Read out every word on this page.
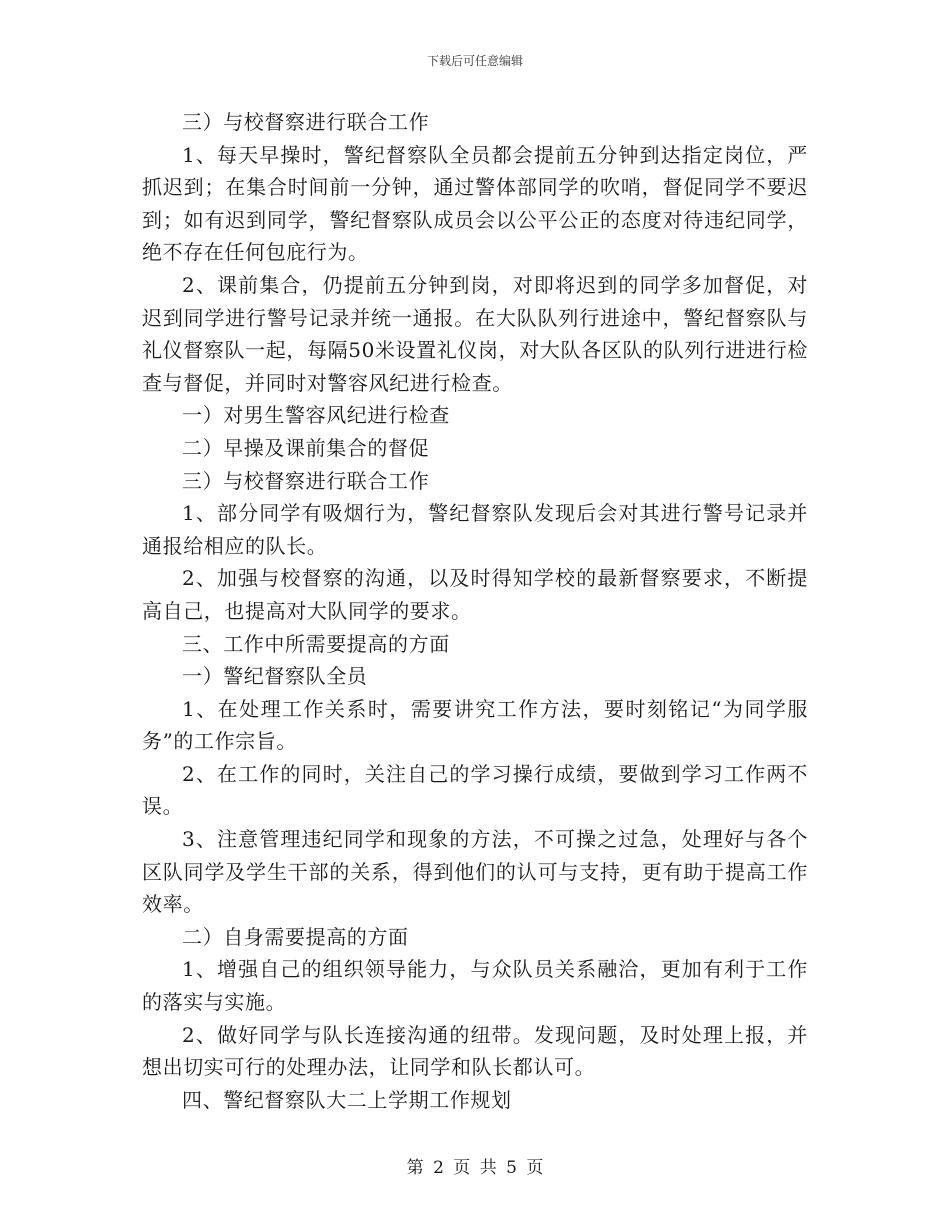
下载后可任意编辑

三）与校督察进行联合工作

1、每天早操时，警纪督察队全员都会提前五分钟到达指定岗位，严抓迟到；在集合时间前一分钟，通过警体部同学的吹哨，督促同学不要迟到；如有迟到同学，警纪督察队成员会以公平公正的态度对待违纪同学，绝不存在任何包庇行为。

2、课前集合，仍提前五分钟到岗，对即将迟到的同学多加督促，对迟到同学进行警号记录并统一通报。在大队队列行进途中，警纪督察队与礼仪督察队一起，每隔50米设置礼仪岗，对大队各区队的队列行进进行检查与督促，并同时对警容风纪进行检查。

一）对男生警容风纪进行检查

二）早操及课前集合的督促

三）与校督察进行联合工作

1、部分同学有吸烟行为，警纪督察队发现后会对其进行警号记录并通报给相应的队长。

2、加强与校督察的沟通，以及时得知学校的最新督察要求，不断提高自己，也提高对大队同学的要求。

三、工作中所需要提高的方面

一）警纪督察队全员

1、在处理工作关系时，需要讲究工作方法，要时刻铭记“为同学服务”的工作宗旨。

2、在工作的同时，关注自己的学习操行成绩，要做到学习工作两不误。

3、注意管理违纪同学和现象的方法，不可操之过急，处理好与各个区队同学及学生干部的关系，得到他们的认可与支持，更有助于提高工作效率。

二）自身需要提高的方面

1、增强自己的组织领导能力，与众队员关系融洽，更加有利于工作的落实与实施。

2、做好同学与队长连接沟通的纽带。发现问题，及时处理上报，并想出切实可行的处理办法，让同学和队长都认可。

四、警纪督察队大二上学期工作规划

第 2 页 共 5 页
